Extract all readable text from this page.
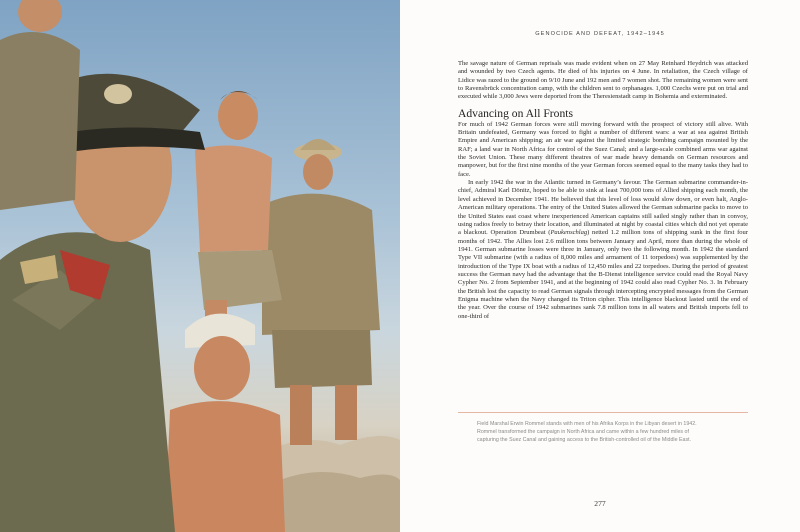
GENOCIDE AND DEFEAT, 1942–1945

The savage nature of German reprisals was made evident when on 27 May Reinhard Heydrich was attacked and wounded by two Czech agents. He died of his injuries on 4 June. In retaliation, the Czech village of Lidice was razed to the ground on 9/10 June and 192 men and 7 women shot. The remaining women were sent to Ravensbrück concentration camp, with the children sent to orphanages. 1,000 Czechs were put on trial and executed while 3,000 Jews were deported from the Theresienstadt camp in Bohemia and exterminated.

Advancing on All Fronts

For much of 1942 German forces were still moving forward with the prospect of victory still alive. With Britain undefeated, Germany was forced to fight a number of different wars: a war at sea against British Empire and American shipping; an air war against the limited strategic bombing campaign mounted by the RAF; a land war in North Africa for control of the Suez Canal; and a large-scale combined arms war against the Soviet Union. These many different theatres of war made heavy demands on German resources and manpower, but for the first nine months of the year German forces seemed equal to the many tasks they had to face.

In early 1942 the war in the Atlantic turned in Germany’s favour. The German submarine commander-in-chief, Admiral Karl Dönitz, hoped to be able to sink at least 700,000 tons of Allied shipping each month, the level achieved in December 1941. He believed that this level of loss would slow down, or even halt, Anglo-American military operations. The entry of the United States allowed the German submarine packs to move to the United States east coast where inexperienced American captains still sailed singly rather than in convoy, using radios freely to betray their location, and illuminated at night by coastal cities which did not yet operate a blackout. Operation Drumbeat (Paukenschlag) netted 1.2 million tons of shipping sunk in the first four months of 1942. The Allies lost 2.6 million tons between January and April, more than during the whole of 1941. German submarine losses were three in January, only two the following month. In 1942 the standard Type VII submarine (with a radius of 8,000 miles and armament of 11 torpedoes) was supplemented by the introduction of the Type IX boat with a radius of 12,450 miles and 22 torpedoes. During the period of greatest success the German navy had the advantage that the B-Dienst intelligence service could read the Royal Navy Cypher No. 2 from September 1941, and at the beginning of 1942 could also read Cypher No. 3. In February the British lost the capacity to read German signals through intercepting encrypted messages from the German Enigma machine when the Navy changed its Triton cipher. This intelligence blackout lasted until the end of the year. Over the course of 1942 submarines sank 7.8 million tons in all waters and British imports fell to one-third of

Field Marshal Erwin Rommel stands with men of his Afrika Korps in the Libyan desert in 1942. Rommel transformed the campaign in North Africa and came within a few hundred miles of capturing the Suez Canal and gaining access to the British-controlled oil of the Middle East.
277
